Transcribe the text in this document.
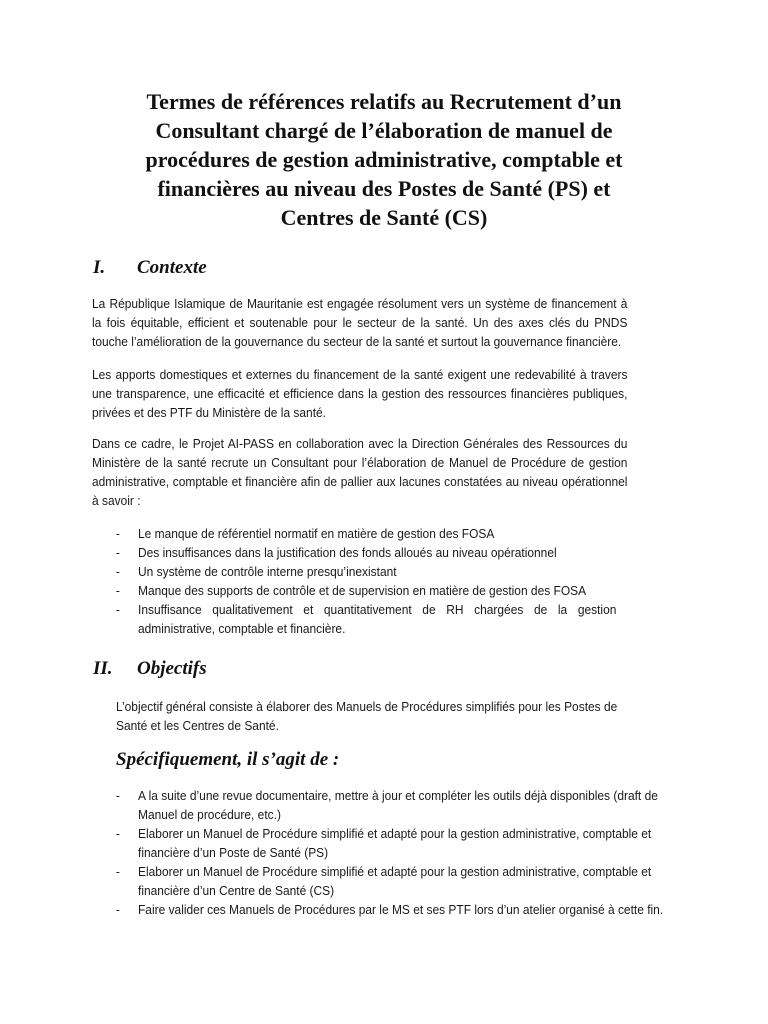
Termes de références relatifs au Recrutement d’un
Consultant chargé de l’élaboration de manuel de
procédures de gestion administrative, comptable et
financières au niveau des Postes de Santé (PS) et
Centres de Santé (CS)
I. Contexte
La République Islamique de Mauritanie est engagée résolument vers un système de financement à la fois équitable, efficient et soutenable pour le secteur de la santé. Un des axes clés du PNDS touche l’amélioration de la gouvernance du secteur de la santé et surtout la gouvernance financière.
Les apports domestiques et externes du financement de la santé exigent une redevabilité à travers une transparence, une efficacité et efficience dans la gestion des ressources financières publiques, privées et des PTF du Ministère de la santé.
Dans ce cadre, le Projet AI-PASS en collaboration avec la Direction Générales des Ressources du Ministère de la santé recrute un Consultant pour l’élaboration de Manuel de Procédure de gestion administrative, comptable et financière afin de pallier aux lacunes constatées au niveau opérationnel à savoir :
- Le manque de référentiel normatif en matière de gestion des FOSA
- Des insuffisances dans la justification des fonds alloués au niveau opérationnel
- Un système de contrôle interne presqu’inexistant
- Manque des supports de contrôle et de supervision en matière de gestion des FOSA
- Insuffisance qualitativement et quantitativement de RH chargées de la gestion administrative, comptable et financière.
II. Objectifs
L’objectif général consiste à élaborer des Manuels de Procédures simplifiés pour les Postes de Santé et les Centres de Santé.
Spécifiquement, il s’agit de :
- A la suite d’une revue documentaire, mettre à jour et compléter les outils déjà disponibles (draft de Manuel de procédure, etc.)
- Elaborer un Manuel de Procédure simplifié et adapté pour la gestion administrative, comptable et financière d’un Poste de Santé (PS)
- Elaborer un Manuel de Procédure simplifié et adapté pour la gestion administrative, comptable et financière d’un Centre de Santé (CS)
- Faire valider ces Manuels de Procédures par le MS et ses PTF lors d’un atelier organisé à cette fin.
